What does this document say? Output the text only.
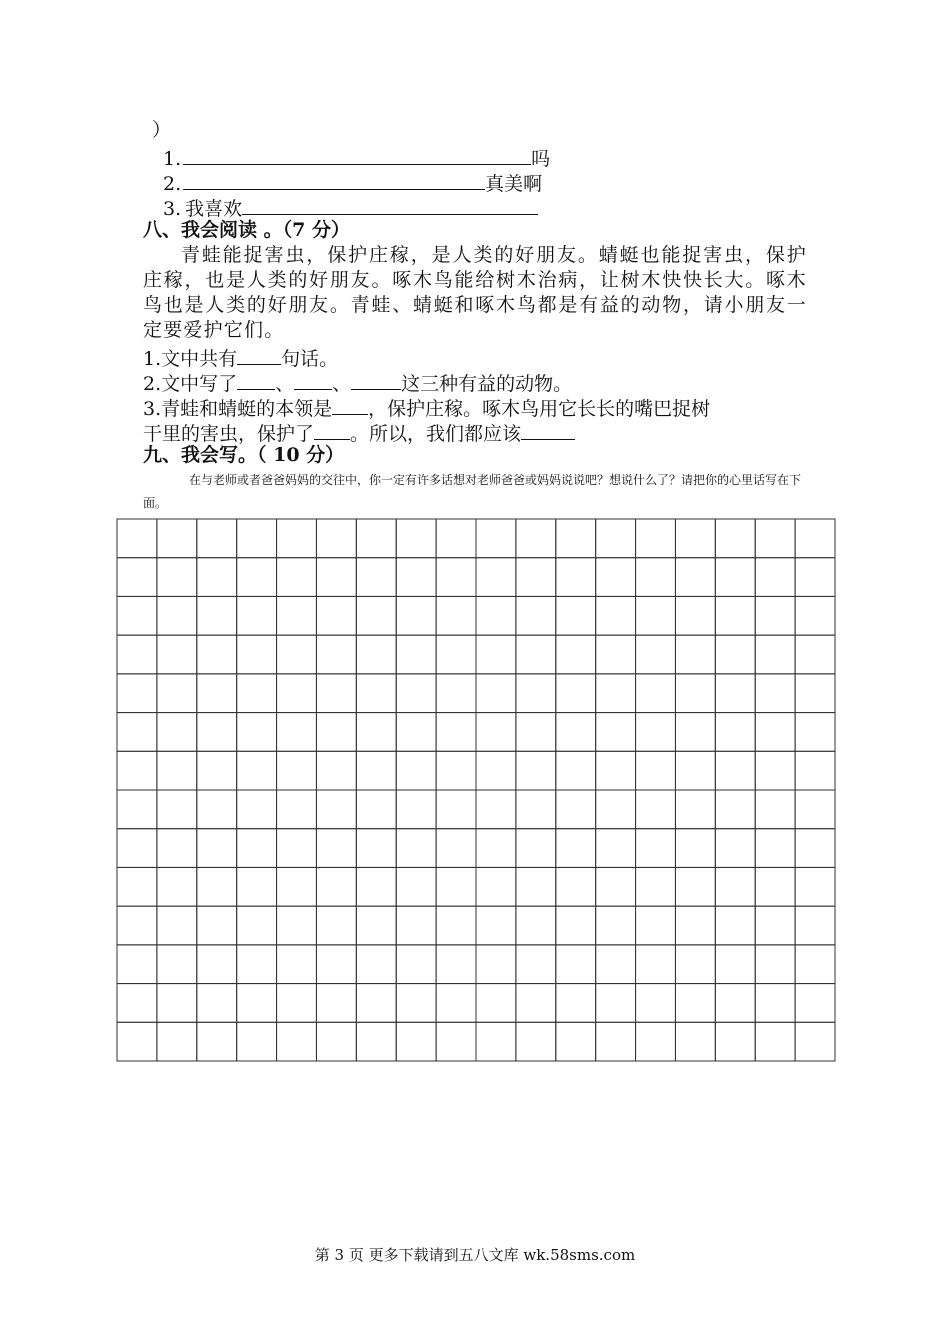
）
1.	吗
2.	真美啊
3. 我喜欢
八、我会阅读 。（7 分）
青蛙能捉害虫，保护庄稼，是人类的好朋友。蜻蜓也能捉害虫，保护庄稼，也是人类的好朋友。啄木鸟能给树木治病，让树木快快长大。啄木鸟也是人类的好朋友。青蛙、蜻蜓和啄木鸟都是有益的动物，请小朋友一定要爱护它们。
1.文中共有 句话。
2.文中写了 、 、	这三种有益的动物。
3.青蛙和蜻蜓的本领是 ，保护庄稼。啄木鸟用它长长的嘴巴捉树
干里的害虫，保护了 。所以，我们都应该
九、我会写。（ 10 分）
在与老师或者爸爸妈妈的交往中，你一定有许多话想对老师爸爸或妈妈说说吧？想说什么了？请把你的心里话写在下面。
第 3 页 更多下载请到五八文库 wk.58sms.com
